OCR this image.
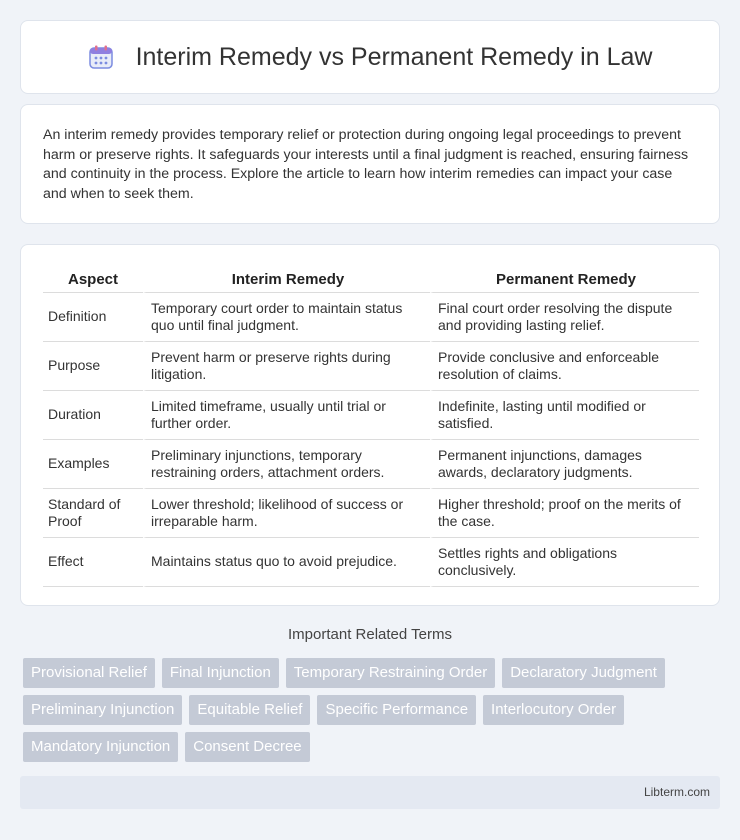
Interim Remedy vs Permanent Remedy in Law

An interim remedy provides temporary relief or protection during ongoing legal proceedings to prevent harm or preserve rights. It safeguards your interests until a final judgment is reached, ensuring fairness and continuity in the process. Explore the article to learn how interim remedies can impact your case and when to seek them.

Aspect	Interim Remedy	Permanent Remedy
Definition	Temporary court order to maintain status quo until final judgment.	Final court order resolving the dispute and providing lasting relief.
Purpose	Prevent harm or preserve rights during litigation.	Provide conclusive and enforceable resolution of claims.
Duration	Limited timeframe, usually until trial or further order.	Indefinite, lasting until modified or satisfied.
Examples	Preliminary injunctions, temporary restraining orders, attachment orders.	Permanent injunctions, damages awards, declaratory judgments.
Standard of Proof	Lower threshold; likelihood of success or irreparable harm.	Higher threshold; proof on the merits of the case.
Effect	Maintains status quo to avoid prejudice.	Settles rights and obligations conclusively.
Important Related Terms
Provisional Relief	Final Injunction	Temporary Restraining Order	Declaratory Judgment
Preliminary Injunction	Equitable Relief	Specific Performance	Interlocutory Order
Mandatory Injunction	Consent Decree
Libterm.com
